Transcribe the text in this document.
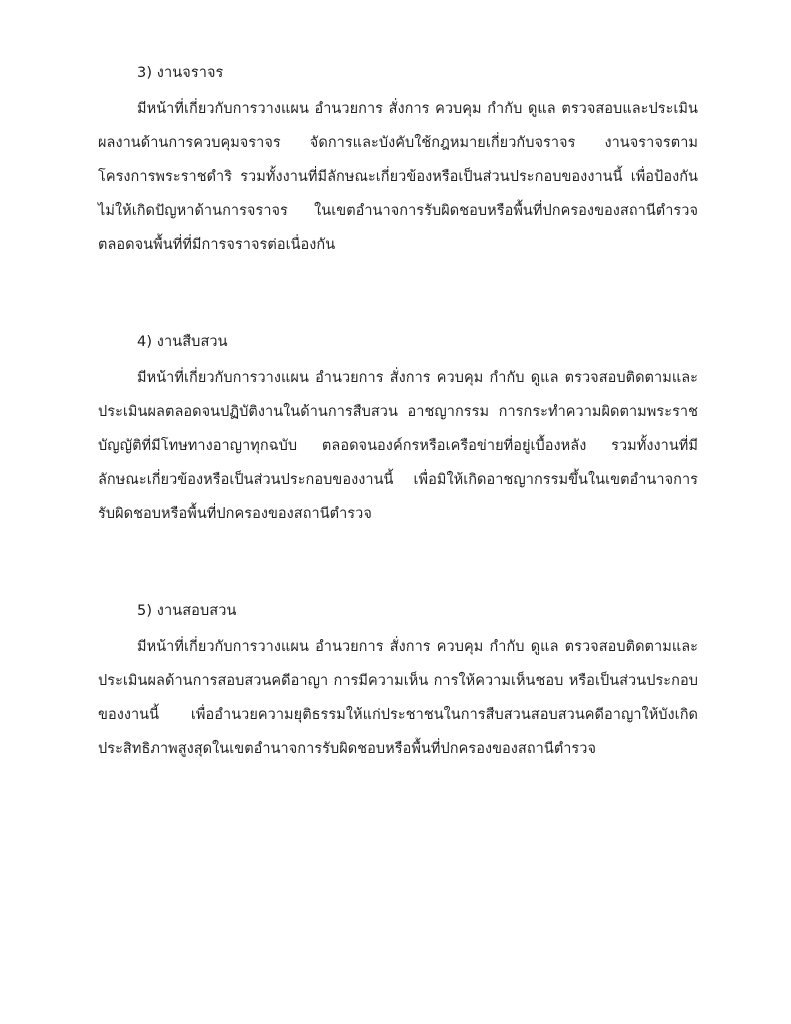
3) งานจราจร

มีหน้าที่เกี่ยวกับการวางแผน อำนวยการ สั่งการ ควบคุม กำกับ ดูแล ตรวจสอบและประเมินผลงานด้านการควบคุมจราจร จัดการและบังคับใช้กฎหมายเกี่ยวกับจราจร งานจราจรตามโครงการพระราชดำริ รวมทั้งงานที่มีลักษณะเกี่ยวข้องหรือเป็นส่วนประกอบของงานนี้ เพื่อป้องกันไม่ให้เกิดปัญหาด้านการจราจร ในเขตอำนาจการรับผิดชอบหรือพื้นที่ปกครองของสถานีตำรวจ ตลอดจนพื้นที่ที่มีการจราจรต่อเนื่องกัน

4) งานสืบสวน

มีหน้าที่เกี่ยวกับการวางแผน อำนวยการ สั่งการ ควบคุม กำกับ ดูแล ตรวจสอบติดตามและประเมินผลตลอดจนปฏิบัติงานในด้านการสืบสวน อาชญากรรม การกระทำความผิดตามพระราชบัญญัติที่มีโทษทางอาญาทุกฉบับ ตลอดจนองค์กรหรือเครือข่ายที่อยู่เบื้องหลัง รวมทั้งงานที่มีลักษณะเกี่ยวข้องหรือเป็นส่วนประกอบของงานนี้ เพื่อมิให้เกิดอาชญากรรมขึ้นในเขตอำนาจการรับผิดชอบหรือพื้นที่ปกครองของสถานีตำรวจ

5) งานสอบสวน

มีหน้าที่เกี่ยวกับการวางแผน อำนวยการ สั่งการ ควบคุม กำกับ ดูแล ตรวจสอบติดตามและประเมินผลด้านการสอบสวนคดีอาญา การมีความเห็น การให้ความเห็นชอบ หรือเป็นส่วนประกอบของงานนี้ เพื่ออำนวยความยุติธรรมให้แก่ประชาชนในการสืบสวนสอบสวนคดีอาญาให้บังเกิดประสิทธิภาพสูงสุดในเขตอำนาจการรับผิดชอบหรือพื้นที่ปกครองของสถานีตำรวจ
